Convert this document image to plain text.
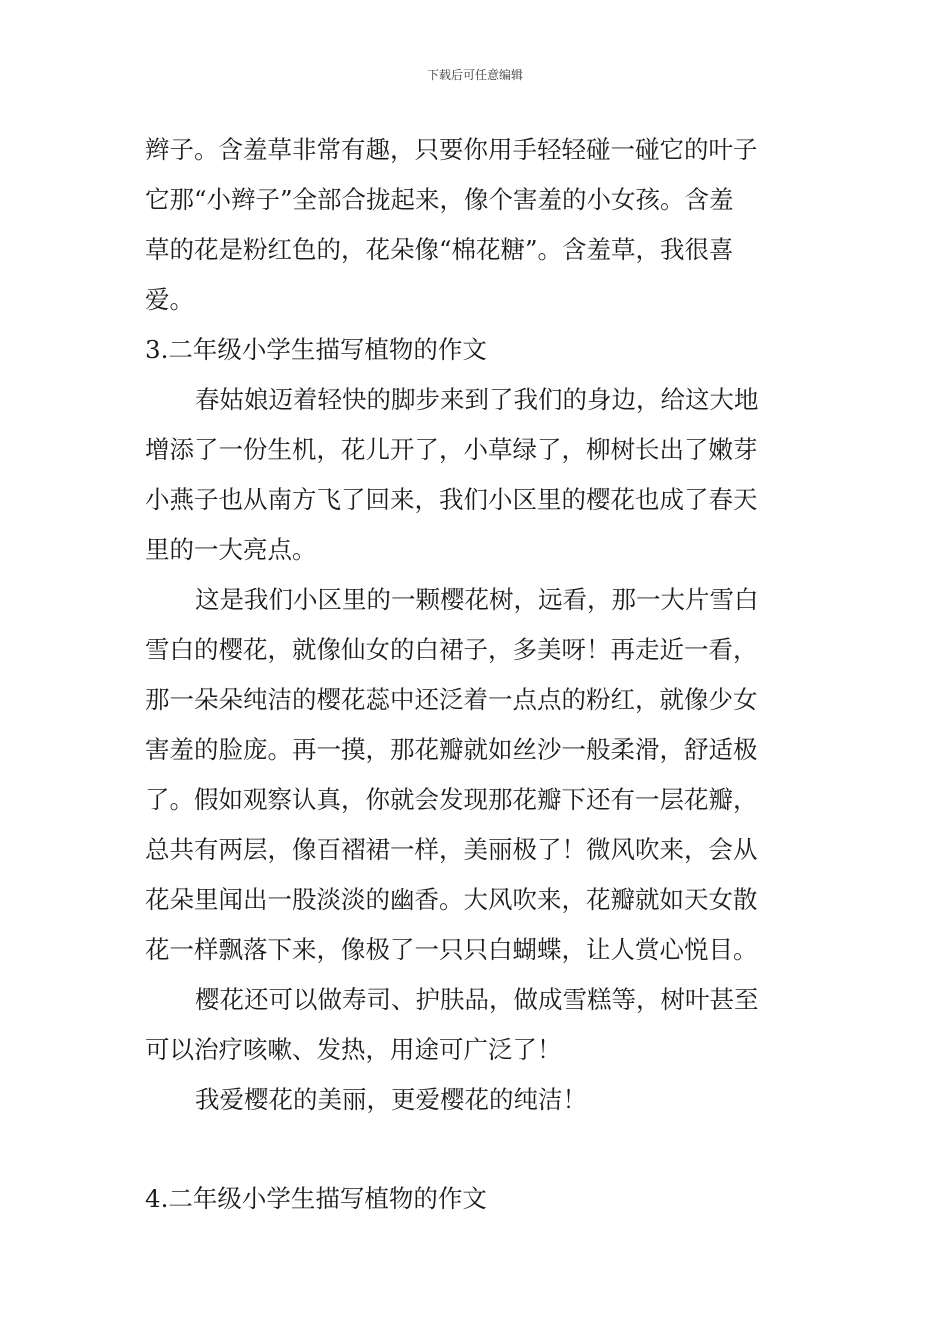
下载后可任意编辑
辫子。含羞草非常有趣，只要你用手轻轻碰一碰它的叶子
它那“小辫子”全部合拢起来，像个害羞的小女孩。含羞
草的花是粉红色的，花朵像“棉花糖”。含羞草，我很喜
爱。
3.二年级小学生描写植物的作文
春姑娘迈着轻快的脚步来到了我们的身边，给这大地
增添了一份生机，花儿开了，小草绿了，柳树长出了嫩芽
小燕子也从南方飞了回来，我们小区里的樱花也成了春天
里的一大亮点。
这是我们小区里的一颗樱花树，远看，那一大片雪白
雪白的樱花，就像仙女的白裙子，多美呀！再走近一看，
那一朵朵纯洁的樱花蕊中还泛着一点点的粉红，就像少女
害羞的脸庞。再一摸，那花瓣就如丝沙一般柔滑，舒适极
了。假如观察认真，你就会发现那花瓣下还有一层花瓣，
总共有两层，像百褶裙一样，美丽极了！微风吹来，会从
花朵里闻出一股淡淡的幽香。大风吹来，花瓣就如天女散
花一样飘落下来，像极了一只只白蝴蝶，让人赏心悦目。
樱花还可以做寿司、护肤品，做成雪糕等，树叶甚至
可以治疗咳嗽、发热，用途可广泛了！
我爱樱花的美丽，更爱樱花的纯洁！
4.二年级小学生描写植物的作文
